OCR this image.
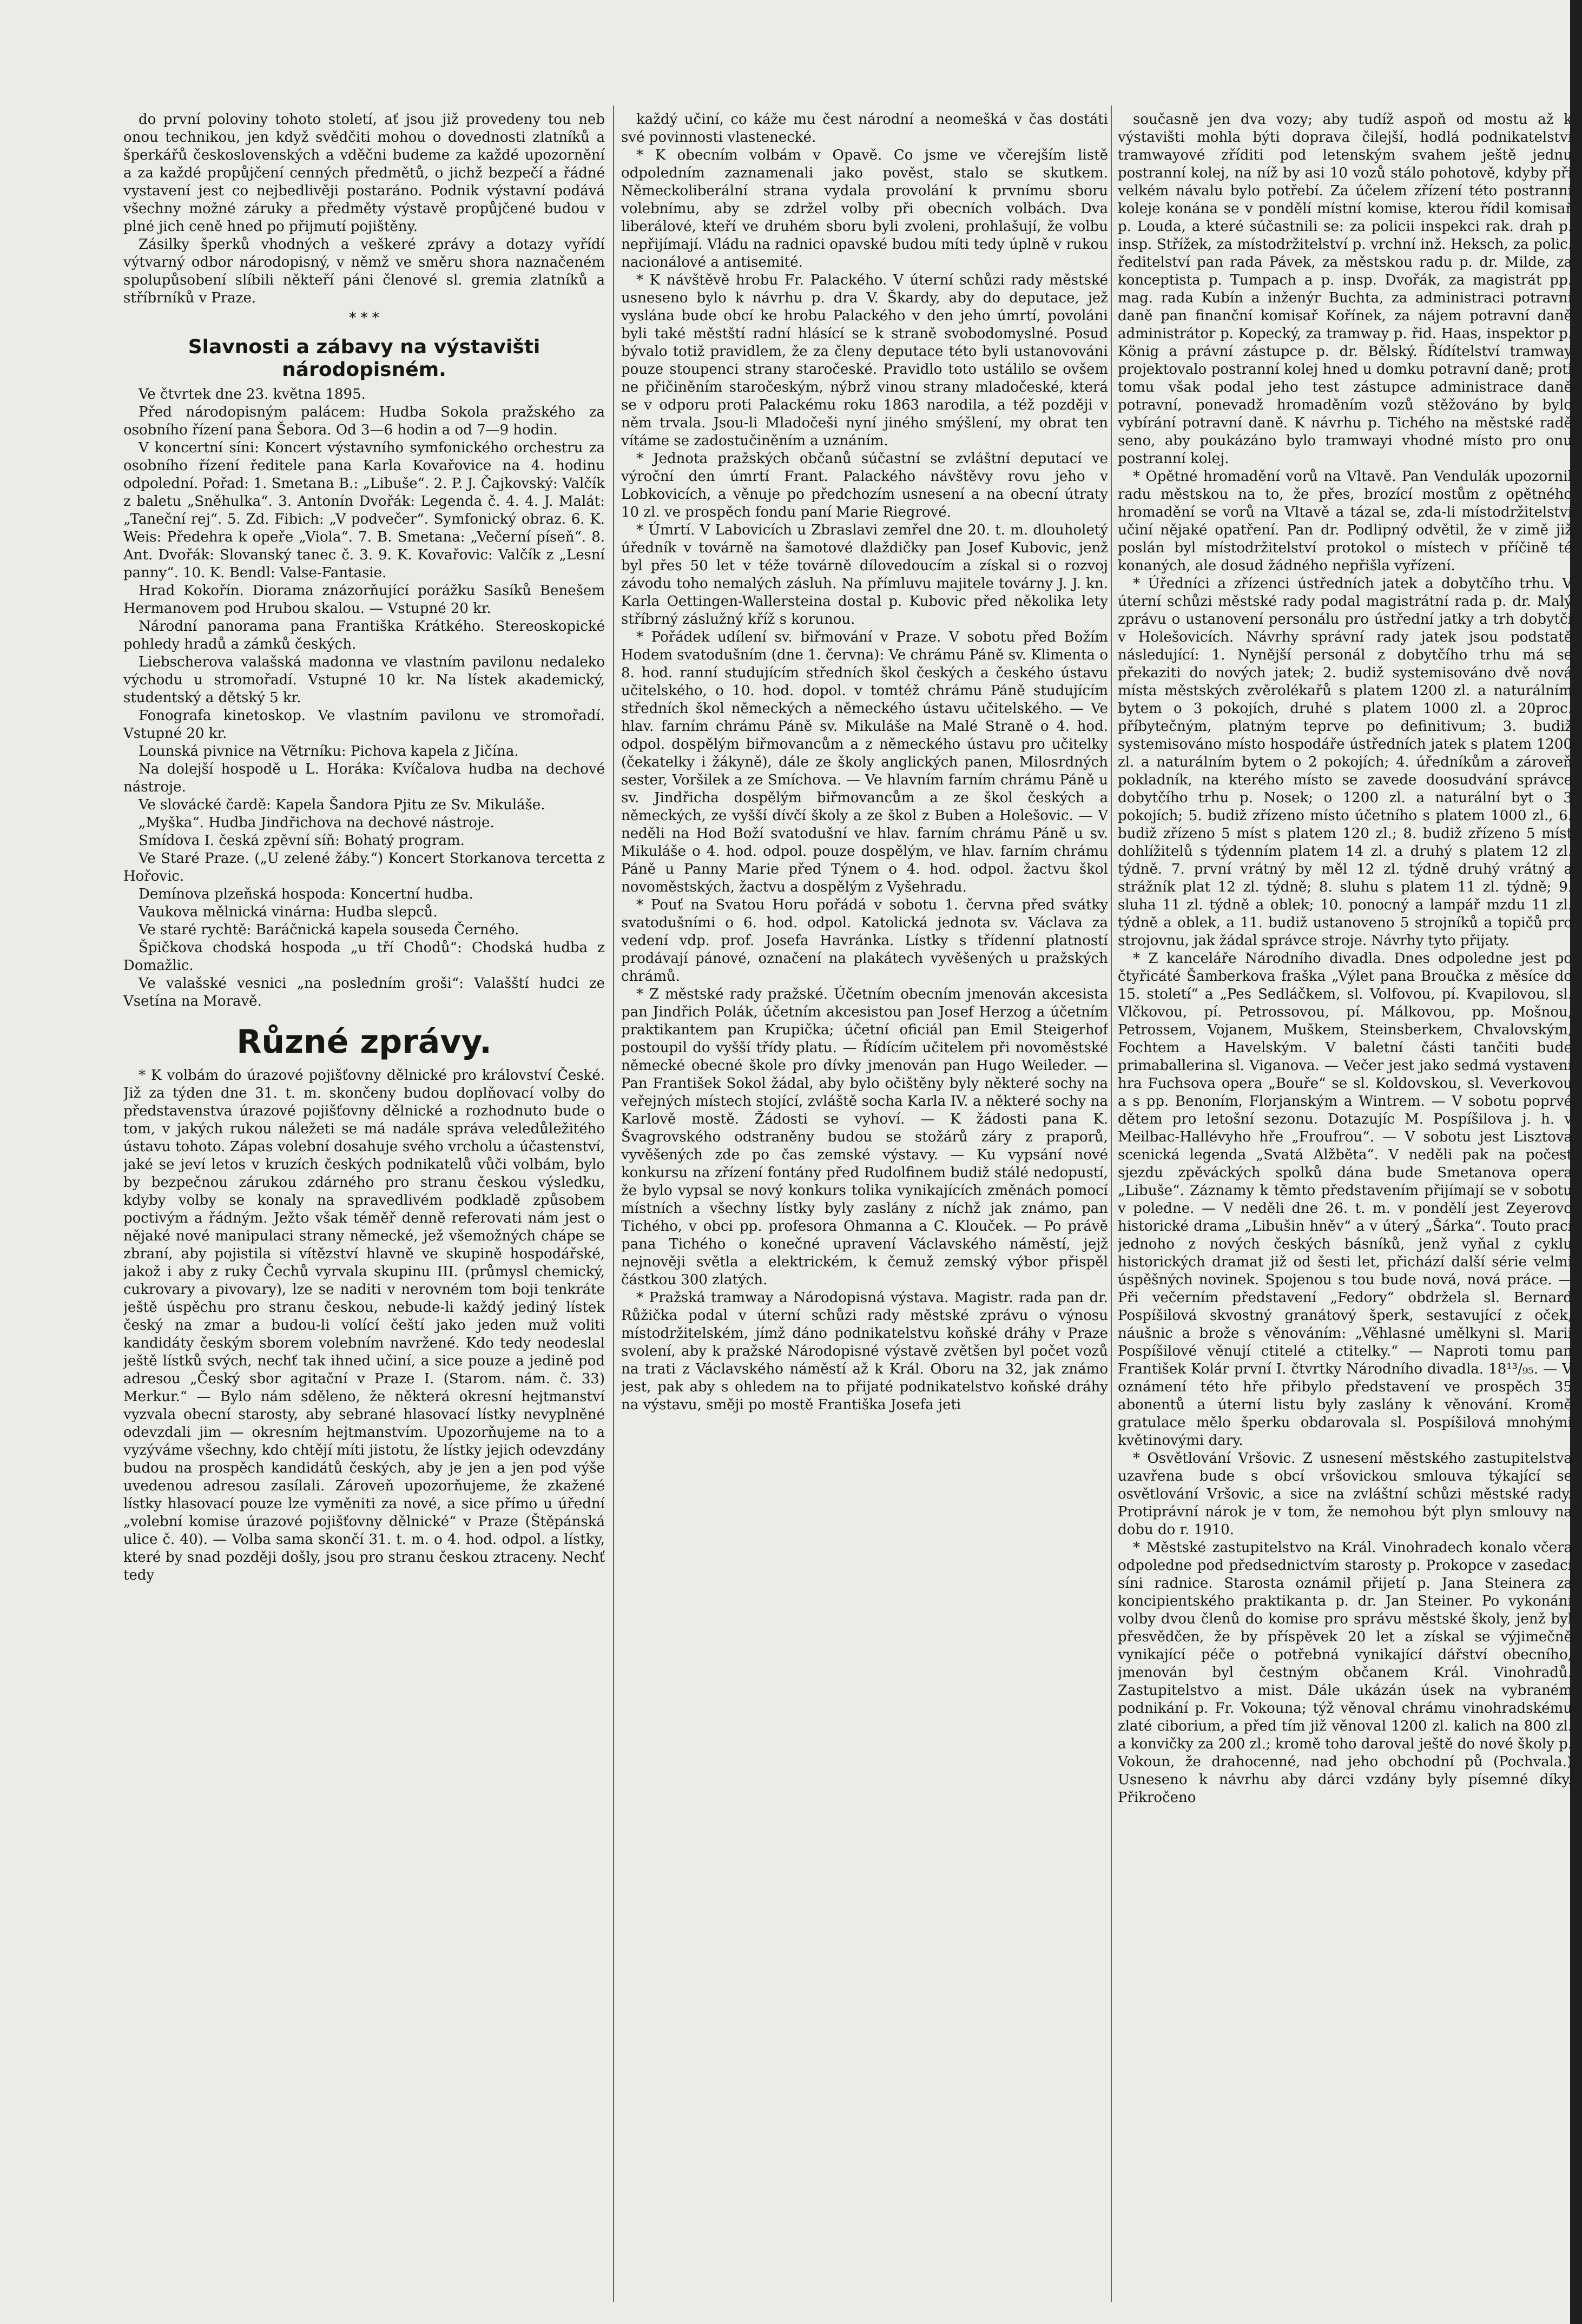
do první poloviny tohoto století, ať jsou již provedeny tou neb onou technikou, jen když svědčiti mohou o dovednosti zlatníků a šperkářů československých a vděčni budeme za každé upozornění a za každé propůjčení cenných předmětů, o jichž bezpečí a řádné vystavení jest co nejbedlivěji postaráno. Podnik výstavní podává všechny možné záruky a předměty výstavě propůjčené budou v plné jich ceně hned po přijmutí pojištěny.

Zásilky šperků vhodných a veškeré zprávy a dotazy vyřídí výtvarný odbor národopisný, v němž ve směru shora naznačeném spolupůsobení slíbili někteří páni členové sl. gremia zlatníků a stříbrníků v Praze.

* * *
Slavnosti a zábavy na výstavišti národopisném.

Ve čtvrtek dne 23. května 1895.

Před národopisným palácem: Hudba Sokola pražského za osobního řízení pana Šebora. Od 3—6 hodin a od 7—9 hodin.

V koncertní síni: Koncert výstavního symfonického orchestru za osobního řízení ředitele pana Karla Kovařovice na 4. hodinu odpolední. Pořad: 1. Smetana B.: „Libuše“. 2. P. J. Čajkovský: Valčík z baletu „Sněhulka“. 3. Antonín Dvořák: Legenda č. 4. 4. J. Malát: „Taneční rej“. 5. Zd. Fibich: „V podvečer“. Symfonický obraz. 6. K. Weis: Předehra k opeře „Viola“. 7. B. Smetana: „Večerní píseň“. 8. Ant. Dvořák: Slovanský tanec č. 3. 9. K. Kovařovic: Valčík z „Lesní panny“. 10. K. Bendl: Valse-Fantasie.

Hrad Kokořín. Diorama znázorňující porážku Sasíků Benešem Hermanovem pod Hrubou skalou. — Vstupné 20 kr.

Národní panorama pana Františka Krátkého. Stereoskopické pohledy hradů a zámků českých.

Liebscherova valašská madonna ve vlastním pavilonu nedaleko východu u stromořadí. Vstupné 10 kr. Na lístek akademický, studentský a dětský 5 kr.

Fonografa kinetoskop. Ve vlastním pavilonu ve stromořadí. Vstupné 20 kr.

Lounská pivnice na Větrníku: Pichova kapela z Jičína.

Na dolejší hospodě u L. Horáka: Kvíčalova hudba na dechové nástroje.

Ve slovácké čardě: Kapela Šandora Pjitu ze Sv. Mikuláše.

„Myška“. Hudba Jindřichova na dechové nástroje.

Smídova I. česká zpěvní síň: Bohatý program.

Ve Staré Praze. („U zelené žáby.“) Koncert Storkanova tercetta z Hořovic.

Demínova plzeňská hospoda: Koncertní hudba.

Vaukova mělnická vinárna: Hudba slepců.

Ve staré rychtě: Baráčnická kapela souseda Černého.

Špičkova chodská hospoda „u tří Chodů“: Chodská hudba z Domažlic.

Ve valašské vesnici „na posledním groši“: Valašští hudci ze Vsetína na Moravě.

Různé zprávy.

* K volbám do úrazové pojišťovny dělnické pro království České. Již za týden dne 31. t. m. skončeny budou doplňovací volby do představenstva úrazové pojišťovny dělnické a rozhodnuto bude o tom, v jakých rukou náležeti se má nadále správa veledůležitého ústavu tohoto. Zápas volební dosahuje svého vrcholu a účastenství, jaké se jeví letos v kruzích českých podnikatelů vůči volbám, bylo by bezpečnou zárukou zdárného pro stranu českou výsledku, kdyby volby se konaly na spravedlivém podkladě způsobem poctivým a řádným. Ježto však téměř denně referovati nám jest o nějaké nové manipulaci strany německé, jež všemožných chápe se zbraní, aby pojistila si vítězství hlavně ve skupině hospodářské, jakož i aby z ruky Čechů vyrvala skupinu III. (průmysl chemický, cukrovary a pivovary), lze se naditi v nerovném tom boji tenkráte ještě úspěchu pro stranu českou, nebude-li každý jediný lístek český na zmar a budou-li volící čeští jako jeden muž voliti kandidáty českým sborem volebním navržené. Kdo tedy neodeslal ještě lístků svých, nechť tak ihned učiní, a sice pouze a jedině pod adresou „Český sbor agitační v Praze I. (Starom. nám. č. 33) Merkur.“ — Bylo nám sděleno, že některá okresní hejtmanství vyzvala obecní starosty, aby sebrané hlasovací lístky nevyplněné odevzdali jim — okresním hejtmanstvím. Upozorňujeme na to a vyzýváme všechny, kdo chtějí míti jistotu, že lístky jejich odevzdány budou na prospěch kandidátů českých, aby je jen a jen pod výše uvedenou adresou zasílali. Zároveň upozorňujeme, že zkažené lístky hlasovací pouze lze vyměniti za nové, a sice přímo u úřední „volební komise úrazové pojišťovny dělnické“ v Praze (Štěpánská ulice č. 40). — Volba sama skončí 31. t. m. o 4. hod. odpol. a lístky, které by snad později došly, jsou pro stranu českou ztraceny. Nechť tedy

každý učiní, co káže mu čest národní a neomešká v čas dostáti své povinnosti vlastenecké.

* K obecním volbám v Opavě. Co jsme ve včerejším listě odpoledním zaznamenali jako pověst, stalo se skutkem. Německoliberální strana vydala provolání k prvnímu sboru volebnímu, aby se zdržel volby při obecních volbách. Dva liberálové, kteří ve druhém sboru byli zvoleni, prohlašují, že volbu nepřijímají. Vládu na radnici opavské budou míti tedy úplně v rukou nacionálové a antisemité.

* K návštěvě hrobu Fr. Palackého. V úterní schůzi rady městské usneseno bylo k návrhu p. dra V. Škardy, aby do deputace, jež vyslána bude obcí ke hrobu Palackého v den jeho úmrtí, povoláni byli také městští radní hlásící se k straně svobodomyslné. Posud bývalo totiž pravidlem, že za členy deputace této byli ustanovováni pouze stoupenci strany staročeské. Pravidlo toto ustálilo se ovšem ne přičiněním staročeským, nýbrž vinou strany mladočeské, která se v odporu proti Palackému roku 1863 narodila, a též později v něm trvala. Jsou-li Mladočeši nyní jiného smýšlení, my obrat ten vítáme se zadostučiněním a uznáním.

* Jednota pražských občanů súčastní se zvláštní deputací ve výroční den úmrtí Frant. Palackého návštěvy rovu jeho v Lobkovicích, a věnuje po předchozím usnesení a na obecní útraty 10 zl. ve prospěch fondu paní Marie Riegrové.

* Úmrtí. V Labovicích u Zbraslavi zemřel dne 20. t. m. dlouholetý úředník v továrně na šamotové dlaždičky pan Josef Kubovic, jenž byl přes 50 let v téže továrně dílovedoucím a získal si o rozvoj závodu toho nemalých zásluh. Na přímluvu majitele továrny J. J. kn. Karla Oettingen-Wallersteina dostal p. Kubovic před několika lety stříbrný záslužný kříž s korunou.

* Pořádek udílení sv. biřmování v Praze. V sobotu před Božím Hodem svatodušním (dne 1. června): Ve chrámu Páně sv. Klimenta o 8. hod. ranní studujícím středních škol českých a českého ústavu učitelského, o 10. hod. dopol. v tomtéž chrámu Páně studujícím středních škol německých a německého ústavu učitelského. — Ve hlav. farním chrámu Páně sv. Mikuláše na Malé Straně o 4. hod. odpol. dospělým biřmovancům a z německého ústavu pro učitelky (čekatelky i žákyně), dále ze školy anglických panen, Milosrdných sester, Voršilek a ze Smíchova. — Ve hlavním farním chrámu Páně u sv. Jindřicha dospělým biřmovancům a ze škol českých a německých, ze vyšší dívčí školy a ze škol z Buben a Holešovic. — V neděli na Hod Boží svatodušní ve hlav. farním chrámu Páně u sv. Mikuláše o 4. hod. odpol. pouze dospělým, ve hlav. farním chrámu Páně u Panny Marie před Týnem o 4. hod. odpol. žactvu škol novoměstských, žactvu a dospělým z Vyšehradu.

* Pouť na Svatou Horu pořádá v sobotu 1. června před svátky svatodušními o 6. hod. odpol. Katolická jednota sv. Václava za vedení vdp. prof. Josefa Havránka. Lístky s třídenní platností prodávají pánové, označení na plakátech vyvěšených u pražských chrámů.

* Z městské rady pražské. Účetním obecním jmenován akcesista pan Jindřich Polák, účetním akcesistou pan Josef Herzog a účetním praktikantem pan Krupička; účetní oficiál pan Emil Steigerhof postoupil do vyšší třídy platu. — Řídícím učitelem při novoměstské německé obecné škole pro dívky jmenován pan Hugo Weileder. — Pan František Sokol žádal, aby bylo očištěny byly některé sochy na veřejných místech stojící, zvláště socha Karla IV. a některé sochy na Karlově mostě. Žádosti se vyhoví. — K žádosti pana K. Švagrovského odstraněny budou se stožárů záry z praporů, vyvěšených zde po čas zemské výstavy. — Ku vypsání nové konkursu na zřízení fontány před Rudolfinem budiž stálé nedopustí, že bylo vypsal se nový konkurs tolika vynikajících změnách pomocí místních a všechny lístky byly zaslány z níchž jak známo, pan Tichého, v obci pp. profesora Ohmanna a C. Klouček. — Po právě pana Tichého o konečné upravení Václavského náměstí, jejž nejnověji světla a elektrickém, k čemuž zemský výbor přispěl částkou 300 zlatých.

* Pražská tramway a Národopisná výstava. Magistr. rada pan dr. Růžička podal v úterní schůzi rady městské zprávu o výnosu místodržitelském, jímž dáno podnikatelstvu koňské dráhy v Praze svolení, aby k pražské Národopisné výstavě zvětšen byl počet vozů na trati z Václavského náměstí až k Král. Oboru na 32, jak známo jest, pak aby s ohledem na to přijaté podnikatelstvo koňské dráhy na výstavu, směji po mostě Františka Josefa jeti

současně jen dva vozy; aby tudíž aspoň od mostu až k výstavišti mohla býti doprava čilejší, hodlá podnikatelství tramwayové zříditi pod letenským svahem ještě jednu postranní kolej, na níž by asi 10 vozů stálo pohotově, kdyby při velkém návalu bylo potřebí. Za účelem zřízení této postranní koleje konána se v pondělí místní komise, kterou řídil komisař p. Louda, a které súčastnili se: za policii inspekci rak. drah p. insp. Střížek, za místodržitelství p. vrchní inž. Heksch, za polic. ředitelství pan rada Pávek, za městskou radu p. dr. Milde, za konceptista p. Tumpach a p. insp. Dvořák, za magistrát pp. mag. rada Kubín a inženýr Buchta, za administraci potravní daně pan finanční komisař Kořínek, za nájem potravní daně administrátor p. Kopecký, za tramway p. řid. Haas, inspektor p. König a právní zástupce p. dr. Bělský. Řídítelství tramway projektovalo postranní kolej hned u domku potravní daně; proti tomu však podal jeho test zástupce administrace daně potravní, ponevadž hromaděním vozů stěžováno by bylo vybírání potravní daně. K návrhu p. Tichého na městské radě seno, aby poukázáno bylo tramwayi vhodné místo pro onu postranní kolej.

* Opětné hromadění vorů na Vltavě. Pan Vendulák upozornil radu městskou na to, že přes, brozící mostům z opětného hromadění se vorů na Vltavě a tázal se, zda-li místodržitelství učiní nějaké opatření. Pan dr. Podlipný odvětil, že v zimě již poslán byl místodržitelství protokol o místech v příčině té konaných, ale dosud žádného nepřišla vyřízení.

* Úředníci a zřízenci ústředních jatek a dobytčího trhu. V úterní schůzi městské rady podal magistrátní rada p. dr. Malý zprávu o ustanovení personálu pro ústřední jatky a trh dobytčí v Holešovicích. Návrhy správní rady jatek jsou podstatě následující: 1. Nynější personál z dobytčího trhu má se překaziti do nových jatek; 2. budiž systemisováno dvě nová místa městských zvěrolékařů s platem 1200 zl. a naturálním bytem o 3 pokojích, druhé s platem 1000 zl. a 20proc. příbytečným, platným teprve po definitivum; 3. budiž systemisováno místo hospodáře ústředních jatek s platem 1200 zl. a naturálním bytem o 2 pokojích; 4. úředníkům a zároveň pokladník, na kterého místo se zavede doosudvání správce dobytčího trhu p. Nosek; o 1200 zl. a naturální byt o 3 pokojích; 5. budiž zřízeno místo účetního s platem 1000 zl., 6. budiž zřízeno 5 míst s platem 120 zl.; 8. budiž zřízeno 5 míst dohlížitelů s týdenním platem 14 zl. a druhý s platem 12 zl. týdně. 7. první vrátný by měl 12 zl. týdně druhý vrátný a strážník plat 12 zl. týdně; 8. sluhu s platem 11 zl. týdně; 9. sluha 11 zl. týdně a oblek; 10. ponocný a lampář mzdu 11 zl. týdně a oblek, a 11. budiž ustanoveno 5 strojníků a topičů pro strojovnu, jak žádal správce stroje. Návrhy tyto přijaty.

* Z kanceláře Národního divadla. Dnes odpoledne jest po čtyřicáté Šamberkova fraška „Výlet pana Broučka z měsíce do 15. století“ a „Pes Sedláčkem, sl. Volfovou, pí. Kvapilovou, sl. Vlčkovou, pí. Petrossovou, pí. Málkovou, pp. Mošnou, Petrossem, Vojanem, Muškem, Steinsberkem, Chvalovským, Fochtem a Havelským. V baletní části tančiti bude primaballerina sl. Viganova. — Večer jest jako sedmá vystavení hra Fuchsova opera „Bouře“ se sl. Koldovskou, sl. Veverkovou a s pp. Benoním, Florjanským a Wintrem. — V sobotu poprvé dětem pro letošní sezonu. Dotazujíc M. Pospíšilova j. h. v Meilbac-Hallévyho hře „Froufrou“. — V sobotu jest Lisztova scenická legenda „Svatá Alžběta“. V neděli pak na počest sjezdu zpěváckých spolků dána bude Smetanova opera „Libuše“. Záznamy k těmto představením přijímají se v sobotu v poledne. — V neděli dne 26. t. m. v pondělí jest Zeyerovo historické drama „Libušin hněv“ a v úterý „Šárka“. Touto prací jednoho z nových českých básníků, jenž vyňal z cyklu historických dramat již od šesti let, přichází další série velmi úspěšných novinek. Spojenou s tou bude nová, nová práce. — Při večerním představení „Fedory“ obdržela sl. Bernard Pospíšilová skvostný granátový šperk, sestavující z oček, náušnic a brože s věnováním: „Věhlasné umělkyni sl. Marii Pospíšilové věnují ctitelé a ctitelky.“ — Naproti tomu pan František Kolár první I. čtvrtky Národního divadla. 18¹³/₉₅. — V oznámení této hře přibylo představení ve prospěch 35 abonentů a úterní listu byly zaslány k věnování. Kromě gratulace mělo šperku obdarovala sl. Pospíšilová mnohými květinovými dary.

* Osvětlování Vršovic. Z usnesení městského zastupitelstva uzavřena bude s obcí vršovickou smlouva týkající se osvětlování Vršovic, a sice na zvláštní schůzi městské rady. Protiprávní nárok je v tom, že nemohou být plyn smlouvy na dobu do r. 1910.

* Městské zastupitelstvo na Král. Vinohradech konalo včera odpoledne pod předsednictvím starosty p. Prokopce v zasedací síni radnice. Starosta oznámil přijetí p. Jana Steinera za koncipientského praktikanta p. dr. Jan Steiner. Po vykonání volby dvou členů do komise pro správu městské školy, jenž byl přesvědčen, že by příspěvek 20 let a získal se výjimečně vynikající péče o potřebná vynikající dářství obecního, jmenován byl čestným občanem Král. Vinohradů. Zastupitelstvo a mist. Dále ukázán úsek na vybraném podnikání p. Fr. Vokouna; týž věnoval chrámu vinohradskému zlaté ciborium, a před tím již věnoval 1200 zl. kalich na 800 zl. a konvičky za 200 zl.; kromě toho daroval ještě do nové školy p. Vokoun, že drahocenné, nad jeho obchodní pů (Pochvala.) Usneseno k návrhu aby dárci vzdány byly písemné díky. Přikročeno
